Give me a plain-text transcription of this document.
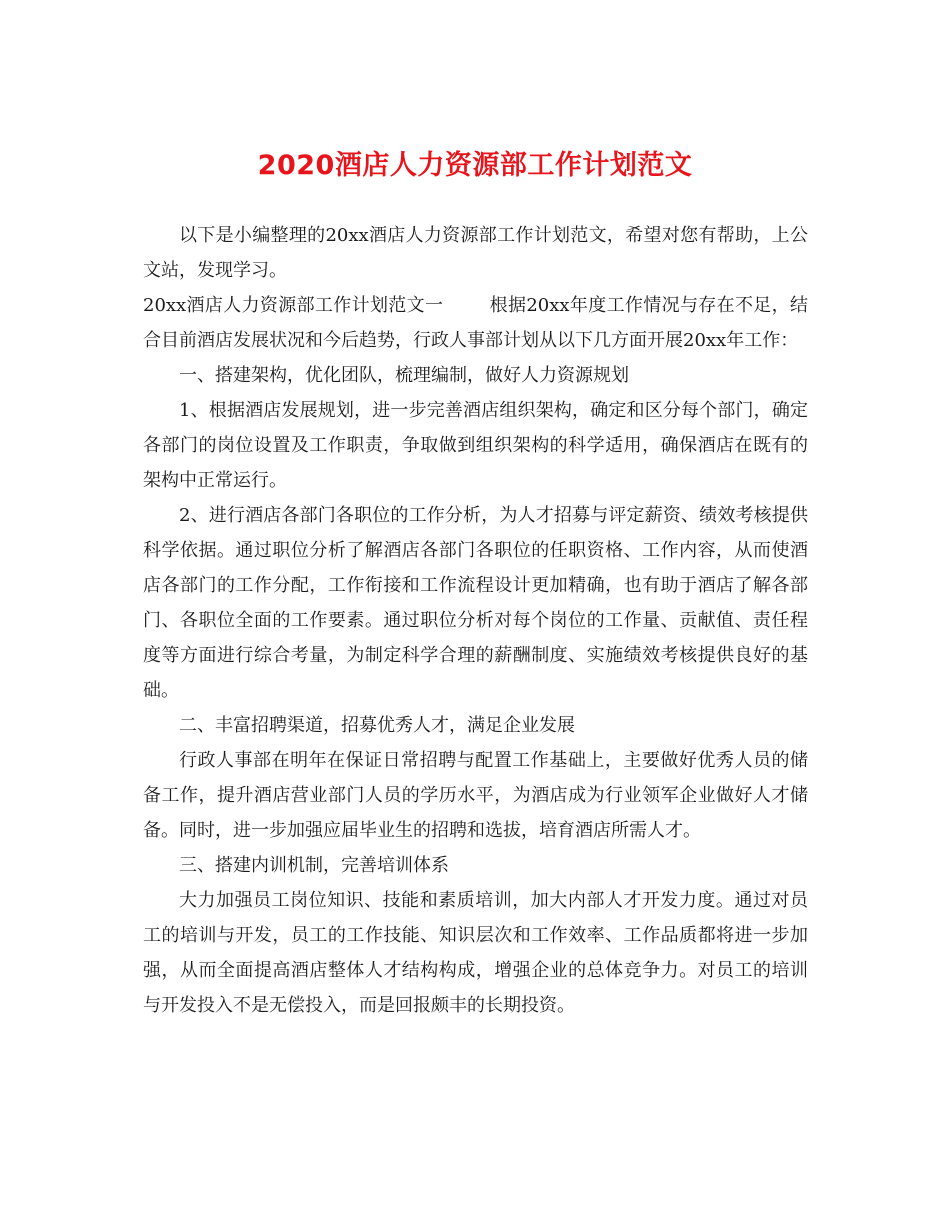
2020酒店人力资源部工作计划范文

以下是小编整理的20xx酒店人力资源部工作计划范文，希望对您有帮助，上公文站，发现学习。

20xx酒店人力资源部工作计划范文一	根据20xx年度工作情况与存在不足，结合目前酒店发展状况和今后趋势，行政人事部计划从以下几方面开展20xx年工作：

一、搭建架构，优化团队，梳理编制，做好人力资源规划

1、根据酒店发展规划，进一步完善酒店组织架构，确定和区分每个部门，确定各部门的岗位设置及工作职责，争取做到组织架构的科学适用，确保酒店在既有的架构中正常运行。

2、进行酒店各部门各职位的工作分析，为人才招募与评定薪资、绩效考核提供科学依据。通过职位分析了解酒店各部门各职位的任职资格、工作内容，从而使酒店各部门的工作分配，工作衔接和工作流程设计更加精确，也有助于酒店了解各部门、各职位全面的工作要素。通过职位分析对每个岗位的工作量、贡献值、责任程度等方面进行综合考量，为制定科学合理的薪酬制度、实施绩效考核提供良好的基础。

二、丰富招聘渠道，招募优秀人才，满足企业发展

行政人事部在明年在保证日常招聘与配置工作基础上，主要做好优秀人员的储备工作，提升酒店营业部门人员的学历水平，为酒店成为行业领军企业做好人才储备。同时，进一步加强应届毕业生的招聘和选拔，培育酒店所需人才。

三、搭建内训机制，完善培训体系

大力加强员工岗位知识、技能和素质培训，加大内部人才开发力度。通过对员工的培训与开发，员工的工作技能、知识层次和工作效率、工作品质都将进一步加强，从而全面提高酒店整体人才结构构成，增强企业的总体竞争力。对员工的培训与开发投入不是无偿投入，而是回报颇丰的长期投资。
